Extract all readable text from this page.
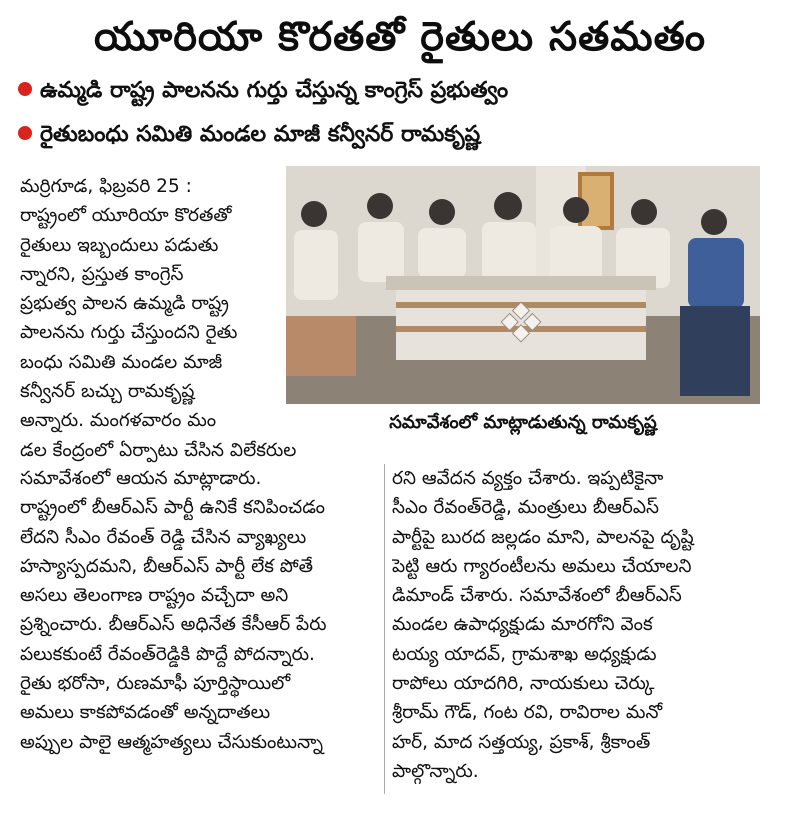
యూరియా కొరతతో రైతులు సతమతం
ఉమ్మడి రాష్ట్ర పాలనను గుర్తు చేస్తున్న కాంగ్రెస్ ప్రభుత్వం
రైతుబంధు సమితి మండల మాజీ కన్వీనర్ రామకృష్ణ
మర్రిగూడ, ఫిబ్రవరి 25 :
రాష్ట్రంలో యూరియా కొరతతో
రైతులు ఇబ్బందులు పడుతు
న్నారని, ప్రస్తుత కాంగ్రెస్
ప్రభుత్వ పాలన ఉమ్మడి రాష్ట్ర
పాలనను గుర్తు చేస్తుందని రైతు
బంధు సమితి మండల మాజీ
కన్వీనర్ బచ్చు రామకృష్ణ
అన్నారు. మంగళవారం మం
డల కేంద్రంలో ఏర్పాటు చేసిన విలేకరుల
సమావేశంలో మాట్లాడుతున్న రామకృష్ణ
సమావేశంలో ఆయన మాట్లాడారు.
రాష్ట్రంలో బీఆర్ఎస్ పార్టీ ఉనికే కనిపించడం
లేదని సీఎం రేవంత్ రెడ్డి చేసిన వ్యాఖ్యలు
హస్యాస్పదమని, బీఆర్ఎస్ పార్టీ లేక పోతే
అసలు తెలంగాణ రాష్ట్రం వచ్చేదా అని
ప్రశ్నించారు. బీఆర్ఎస్ అధినేత కేసీఆర్ పేరు
పలుకకుంటే రేవంత్‌రెడ్డికి పొద్దే పోదన్నారు.
రైతు భరోసా, రుణమాఫీ పూర్తిస్థాయిలో
అమలు కాకపోవడంతో అన్నదాతలు
అప్పుల పాలై ఆత్మహత్యలు చేసుకుంటున్నా
రని ఆవేదన వ్యక్తం చేశారు. ఇప్పటికైనా
సీఎం రేవంత్‌రెడ్డి, మంత్రులు బీఆర్ఎస్
పార్టీపై బురద జల్లడం మాని, పాలనపై దృష్టి
పెట్టి ఆరు గ్యారంటీలను అమలు చేయాలని
డిమాండ్ చేశారు. సమావేశంలో బీఆర్ఎస్
మండల ఉపాధ్యక్షుడు మారగోని వెంక
టయ్య యాదవ్, గ్రామశాఖ అధ్యక్షుడు
రాపోలు యాదగిరి, నాయకులు చెర్కు
శ్రీరామ్ గౌడ్, గంట రవి, రావిరాల మనో
హర్, మాద సత్తయ్య, ప్రకాశ్, శ్రీకాంత్
పాల్గొన్నారు.
